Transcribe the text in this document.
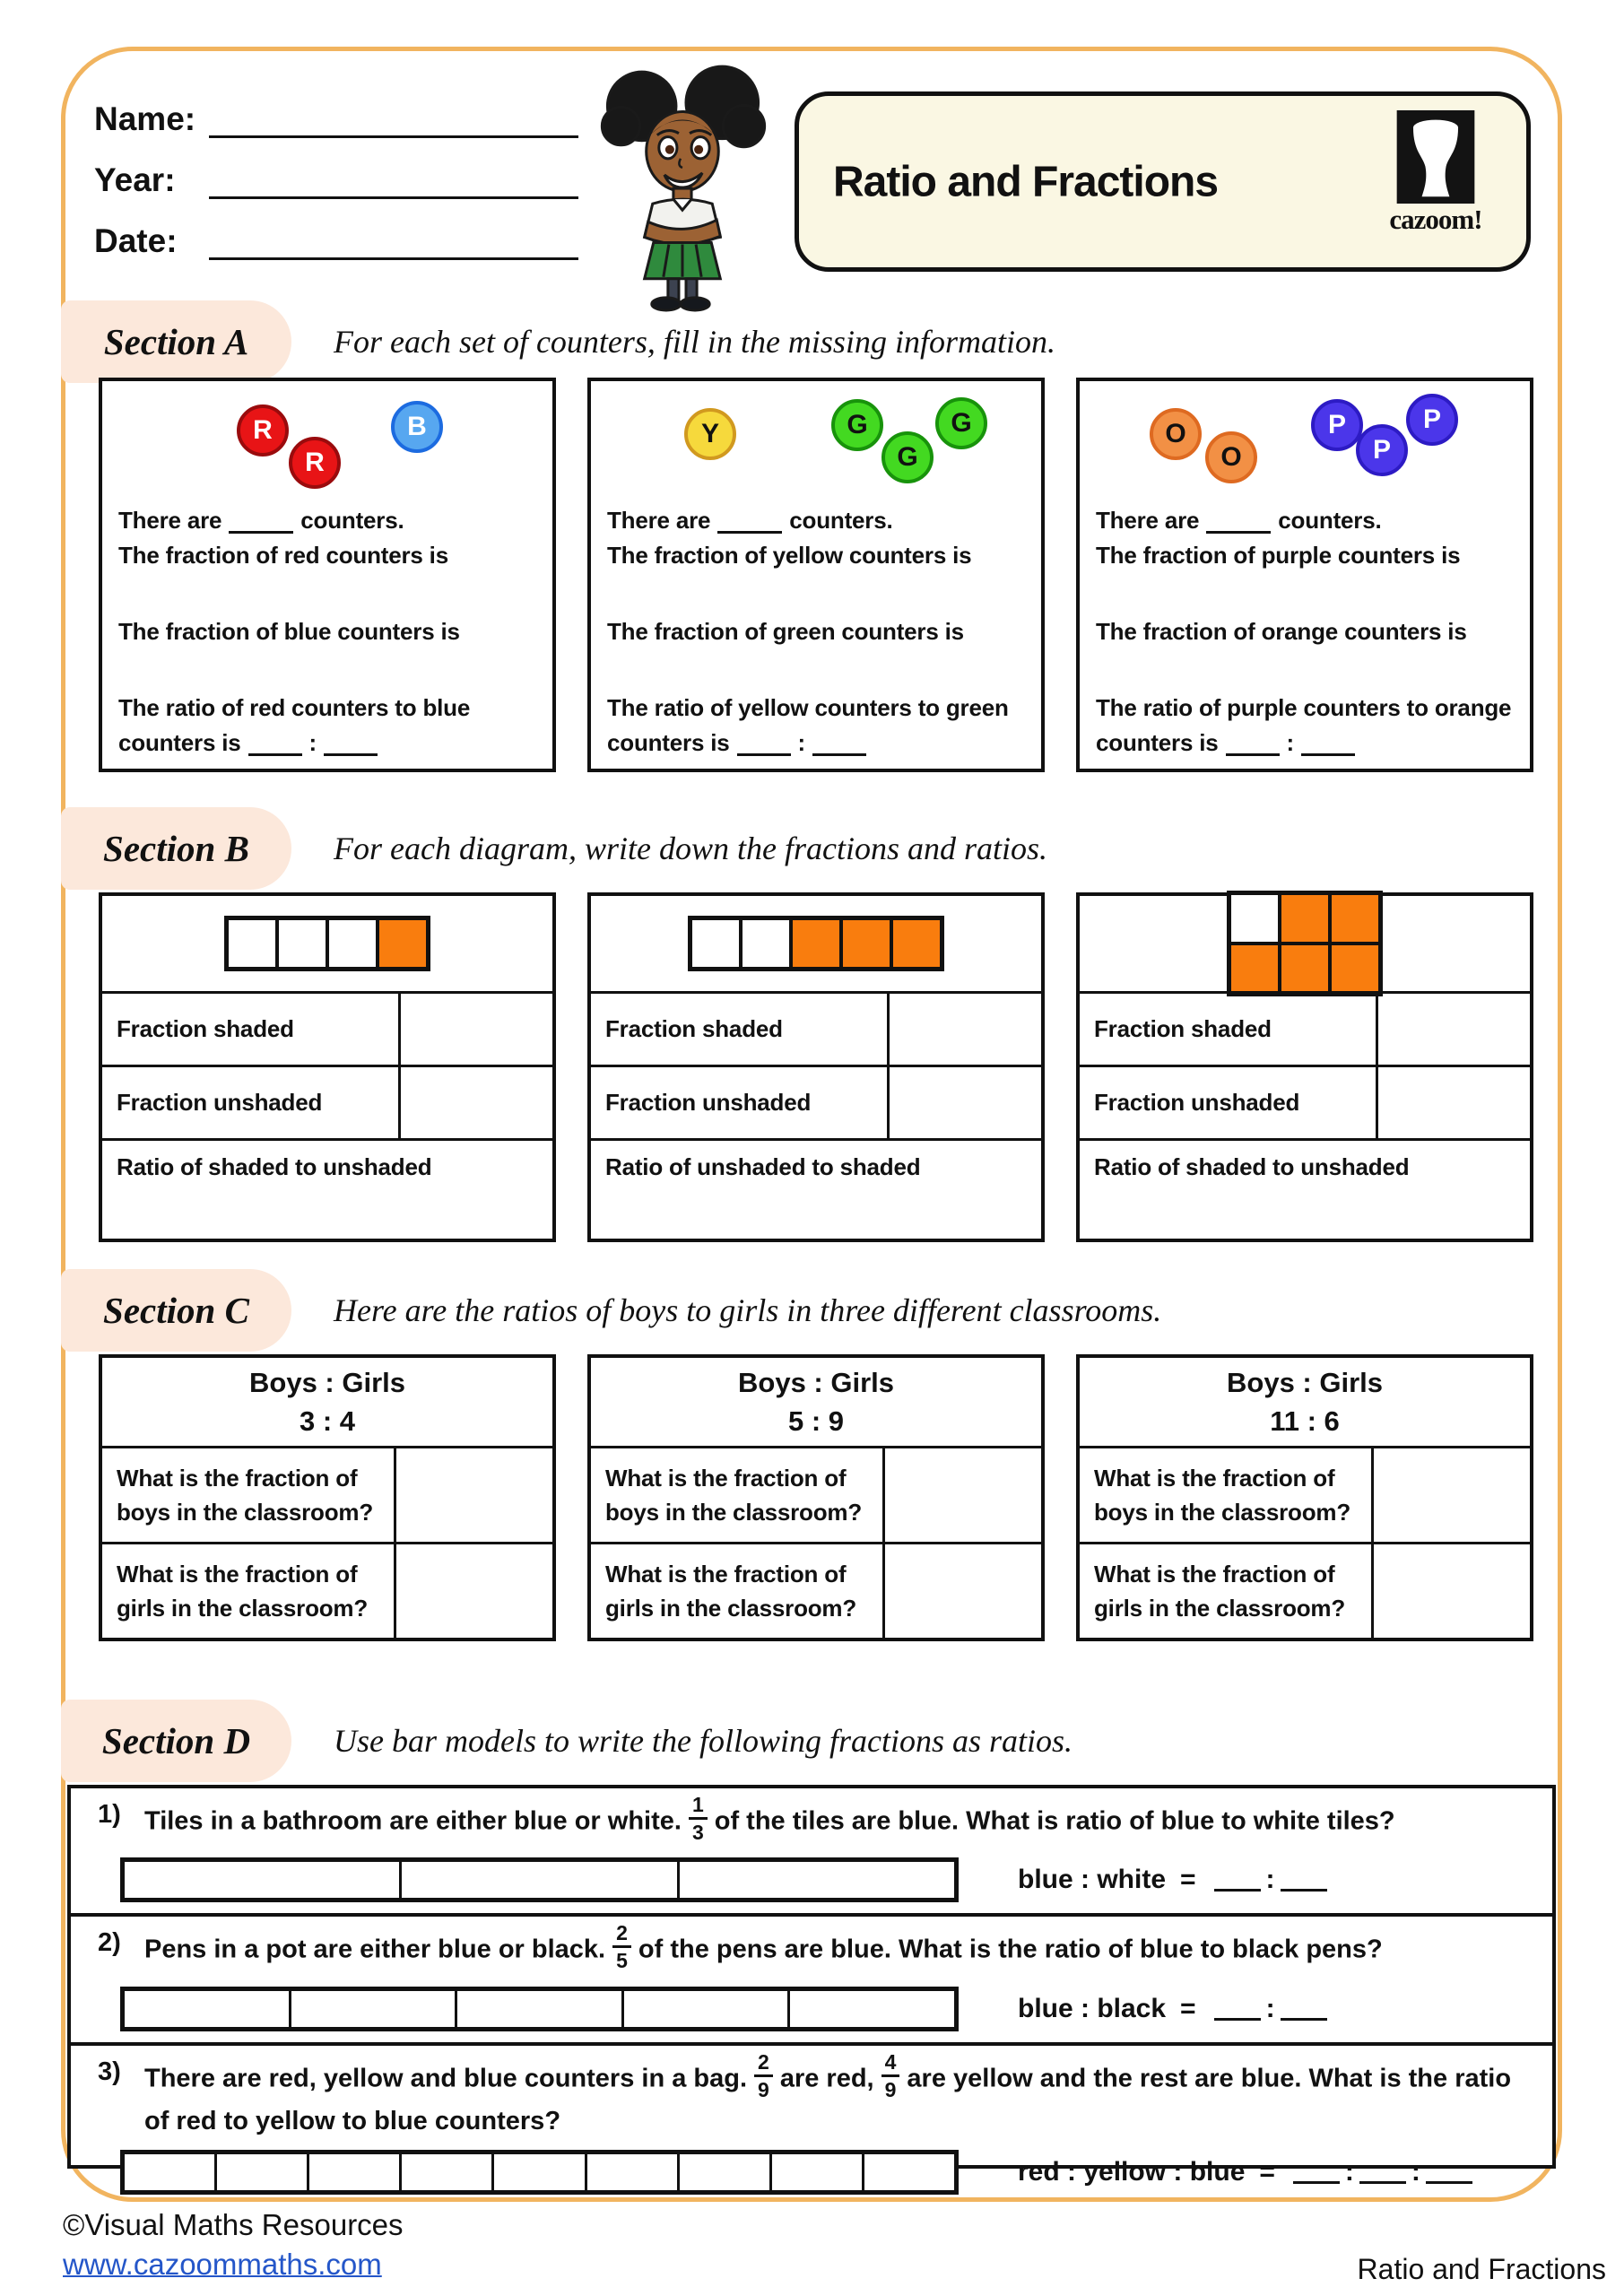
Name:
Year:
Date:
Ratio and Fractions
cazoom!
Section A	For each set of counters, fill in the missing information.
R
R
B
There are	counters.
The fraction of red counters is
The fraction of blue counters is
The ratio of red counters to blue counters is	:
Y	G
G
G
There are	counters.
The fraction of yellow counters is
The fraction of green counters is
The ratio of yellow counters to green counters is	:
O
O
P
P
P
There are	counters.
The fraction of purple counters is
The fraction of orange counters is
The ratio of purple counters to orange counters is	:
Section B	For each diagram, write down the fractions and ratios.
Fraction shaded
Fraction unshaded
Ratio of shaded to unshaded
Fraction shaded
Fraction unshaded
Ratio of unshaded to shaded
Fraction shaded
Fraction unshaded
Ratio of shaded to unshaded
Section C	Here are the ratios of boys to girls in three different classrooms.
Boys : Girls
3 : 4
What is the fraction of boys in the classroom?
What is the fraction of girls in the classroom?
Boys : Girls
5 : 9
What is the fraction of boys in the classroom?
What is the fraction of girls in the classroom?
Boys : Girls
11 : 6
What is the fraction of boys in the classroom?
What is the fraction of girls in the classroom?
Section D	Use bar models to write the following fractions as ratios.
1) Tiles in a bathroom are either blue or white. $\frac{1}{3}$ of the tiles are blue. What is ratio of blue to white tiles?
blue : white =	:
2) Pens in a pot are either blue or black. $\frac{2}{5}$ of the pens are blue. What is the ratio of blue to black pens?
blue : black =	:
3) There are red, yellow and blue counters in a bag. $\frac{2}{9}$ are red, $\frac{4}{9}$ are yellow and the rest are blue. What is the ratio of red to yellow to blue counters?
red : yellow : blue =	: :
©Visual Maths Resources
www.cazoommaths.com	Ratio and Fractions
